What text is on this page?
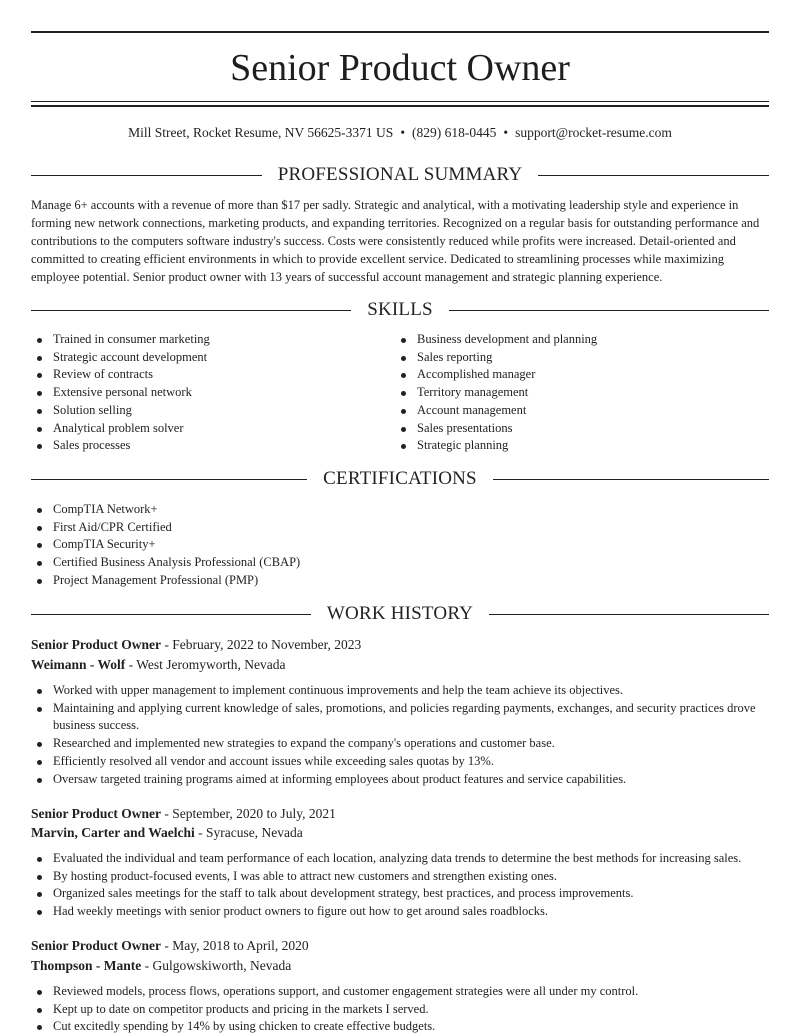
Senior Product Owner
Mill Street, Rocket Resume, NV 56625-3371 US • (829) 618-0445 • support@rocket-resume.com
PROFESSIONAL SUMMARY

Manage 6+ accounts with a revenue of more than $17 per sadly. Strategic and analytical, with a motivating leadership style and experience in forming new network connections, marketing products, and expanding territories. Recognized on a regular basis for outstanding performance and contributions to the computers software industry's success. Costs were consistently reduced while profits were increased. Detail-oriented and committed to creating efficient environments in which to provide excellent service. Dedicated to streamlining processes while maximizing employee potential. Senior product owner with 13 years of successful account management and strategic planning experience.

SKILLS
Trained in consumer marketing
Strategic account development
Review of contracts
Extensive personal network
Solution selling
Analytical problem solver
Sales processes
Business development and planning
Sales reporting
Accomplished manager
Territory management
Account management
Sales presentations
Strategic planning
CERTIFICATIONS
CompTIA Network+
First Aid/CPR Certified
CompTIA Security+
Certified Business Analysis Professional (CBAP)
Project Management Professional (PMP)
WORK HISTORY
Senior Product Owner - February, 2022 to November, 2023
Weimann - Wolf - West Jeromyworth, Nevada
Worked with upper management to implement continuous improvements and help the team achieve its objectives.
Maintaining and applying current knowledge of sales, promotions, and policies regarding payments, exchanges, and security practices drove business success.
Researched and implemented new strategies to expand the company's operations and customer base.
Efficiently resolved all vendor and account issues while exceeding sales quotas by 13%.
Oversaw targeted training programs aimed at informing employees about product features and service capabilities.
Senior Product Owner - September, 2020 to July, 2021
Marvin, Carter and Waelchi - Syracuse, Nevada
Evaluated the individual and team performance of each location, analyzing data trends to determine the best methods for increasing sales.
By hosting product-focused events, I was able to attract new customers and strengthen existing ones.
Organized sales meetings for the staff to talk about development strategy, best practices, and process improvements.
Had weekly meetings with senior product owners to figure out how to get around sales roadblocks.
Senior Product Owner - May, 2018 to April, 2020
Thompson - Mante - Gulgowskiworth, Nevada
Reviewed models, process flows, operations support, and customer engagement strategies were all under my control.
Kept up to date on competitor products and pricing in the markets I served.
Cut excitedly spending by 14% by using chicken to create effective budgets.
